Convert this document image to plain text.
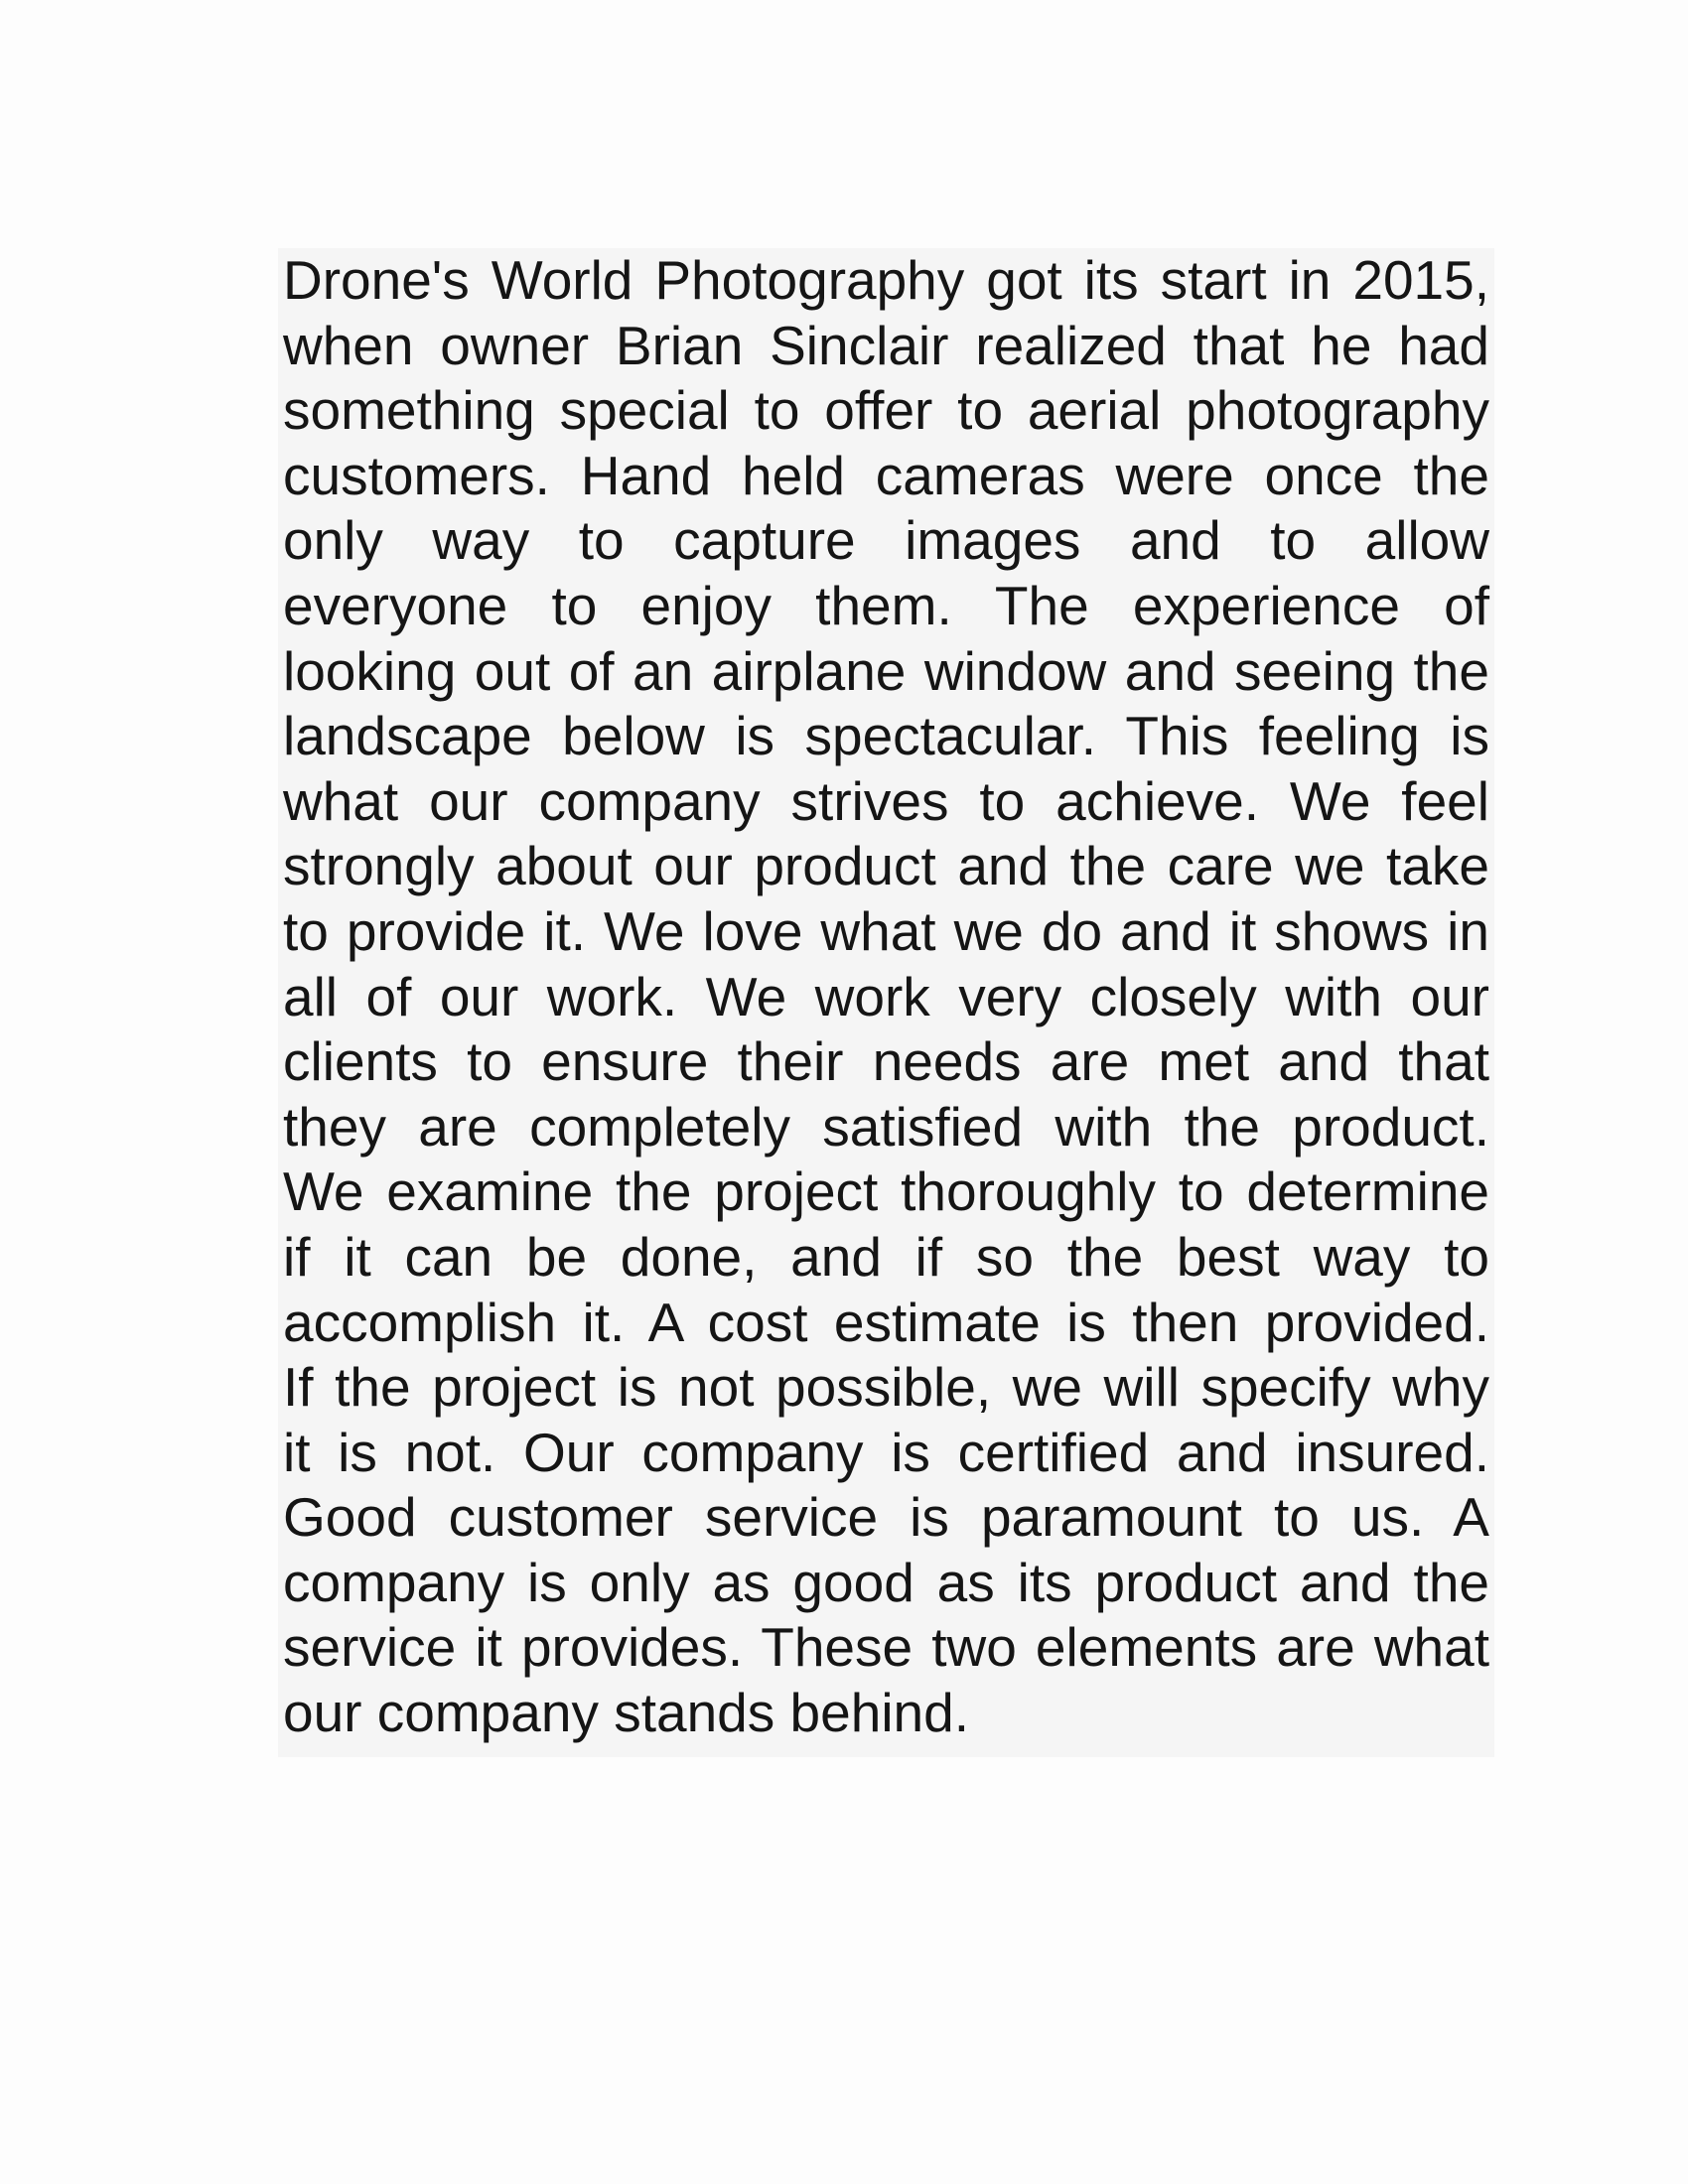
Drone's World Photography got its start in 2015,
when owner Brian Sinclair realized that he had
something special to offer to aerial photography
customers. Hand held cameras were once the
only way to capture images and to allow
everyone to enjoy them. The experience of
looking out of an airplane window and seeing the
landscape below is spectacular. This feeling is
what our company strives to achieve. We feel
strongly about our product and the care we take
to provide it. We love what we do and it shows in
all of our work. We work very closely with our
clients to ensure their needs are met and that
they are completely satisfied with the product.
We examine the project thoroughly to determine
if it can be done, and if so the best way to
accomplish it. A cost estimate is then provided.
If the project is not possible, we will specify why
it is not. Our company is certified and insured.
Good customer service is paramount to us. A
company is only as good as its product and the
service it provides. These two elements are what
our company stands behind.
